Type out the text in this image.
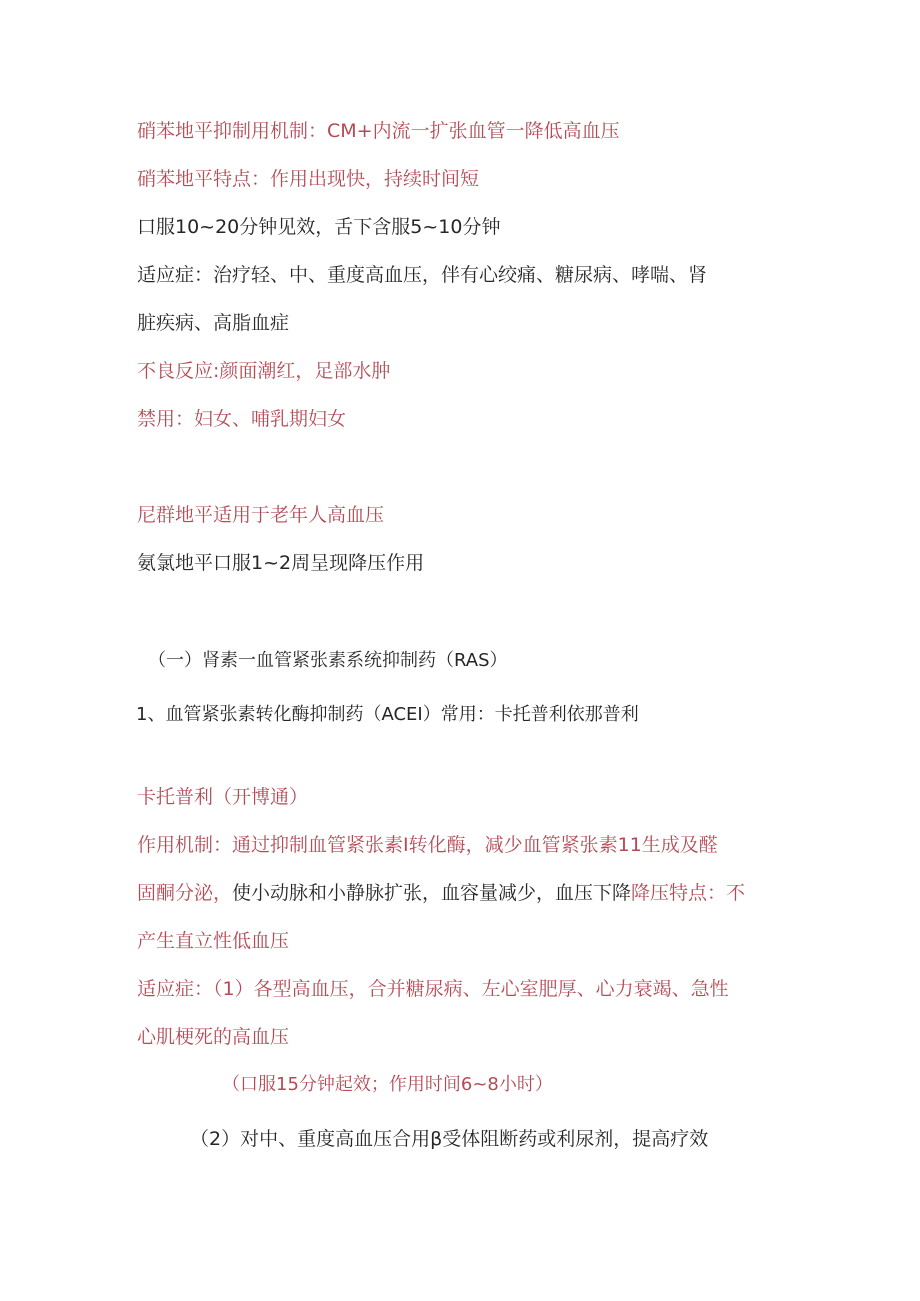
硝苯地平抑制用机制：CM+内流一扩张血管一降低高血压
硝苯地平特点：作用出现快，持续时间短
口服10~20分钟见效，舌下含服5~10分钟
适应症：治疗轻、中、重度高血压，伴有心绞痛、糖尿病、哮喘、肾
脏疾病、高脂血症
不良反应:颜面潮红，足部水肿
禁用：妇女、哺乳期妇女
尼群地平适用于老年人高血压
氨氯地平口服1~2周呈现降压作用
（一）肾素一血管紧张素系统抑制药（RAS）
1、血管紧张素转化酶抑制药（ACEI）常用：卡托普利依那普利
卡托普利（开博通）
作用机制：通过抑制血管紧张素Ⅰ转化酶，减少血管紧张素11生成及醛
固酮分泌，使小动脉和小静脉扩张，血容量减少，血压下降降压特点：不
产生直立性低血压
适应症：（1）各型高血压，合并糖尿病、左心室肥厚、心力衰竭、急性
心肌梗死的高血压
（口服15分钟起效；作用时间6~8小时）
（2）对中、重度高血压合用β受体阻断药或利尿剂，提高疗效
